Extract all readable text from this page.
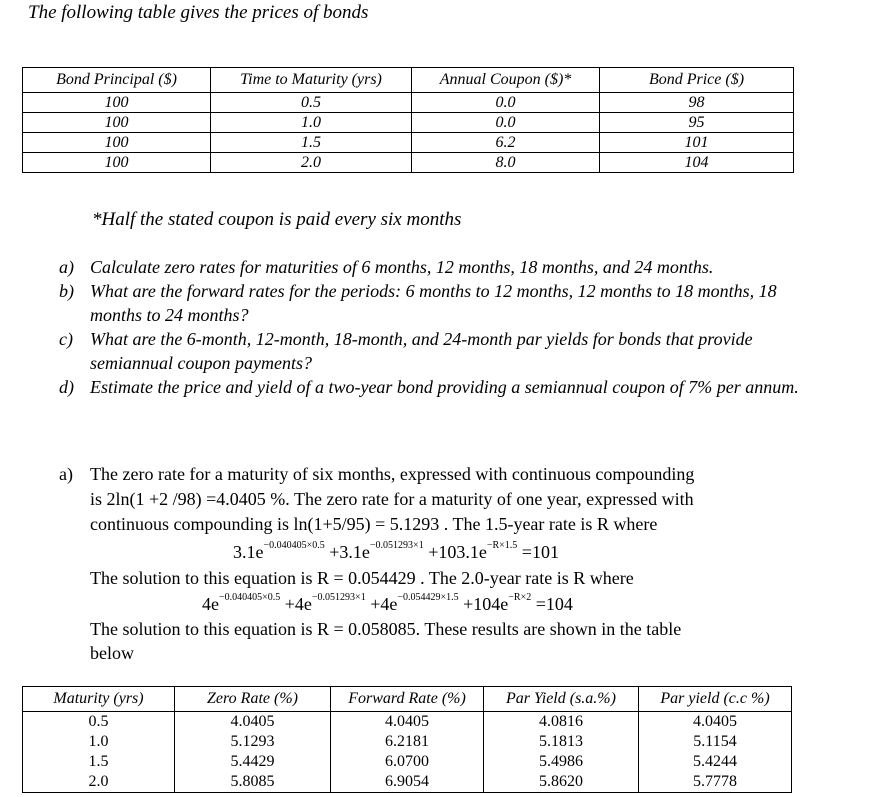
The following table gives the prices of bonds
Bond Principal ($)	Time to Maturity (yrs)	Annual Coupon ($)*	Bond Price ($)
100	0.5	0.0	98
100	1.0	0.0	95
100	1.5	6.2	101
100	2.0	8.0	104
*Half the stated coupon is paid every six months
a) Calculate zero rates for maturities of 6 months, 12 months, 18 months, and 24 months.
b) What are the forward rates for the periods: 6 months to 12 months, 12 months to 18 months, 18 months to 24 months?
c) What are the 6-month, 12-month, 18-month, and 24-month par yields for bonds that provide semiannual coupon payments?
d) Estimate the price and yield of a two-year bond providing a semiannual coupon of 7% per annum.
a) The zero rate for a maturity of six months, expressed with continuous compounding
is 2ln(1 +2 /98) =4.0405 %. The zero rate for a maturity of one year, expressed with
continuous compounding is ln(1+5/95) = 5.1293 . The 1.5-year rate is R where
$3.1e^{-0.040405\times 0.5} +3.1e^{-0.051293\times 1} +103.1e^{-R\times 1.5} =101$
The solution to this equation is R = 0.054429 . The 2.0-year rate is R where
$4e^{-0.040405\times 0.5} +4e^{-0.051293\times 1} +4e^{-0.054429\times 1.5} +104e^{-R\times 2} =104$
The solution to this equation is R = 0.058085. These results are shown in the table
below
Maturity (yrs)	Zero Rate (%)	Forward Rate (%)	Par Yield (s.a.%)	Par yield (c.c %)
0.5	4.0405	4.0405	4.0816	4.0405
1.0	5.1293	6.2181	5.1813	5.1154
1.5	5.4429	6.0700	5.4986	5.4244
2.0	5.8085	6.9054	5.8620	5.7778
